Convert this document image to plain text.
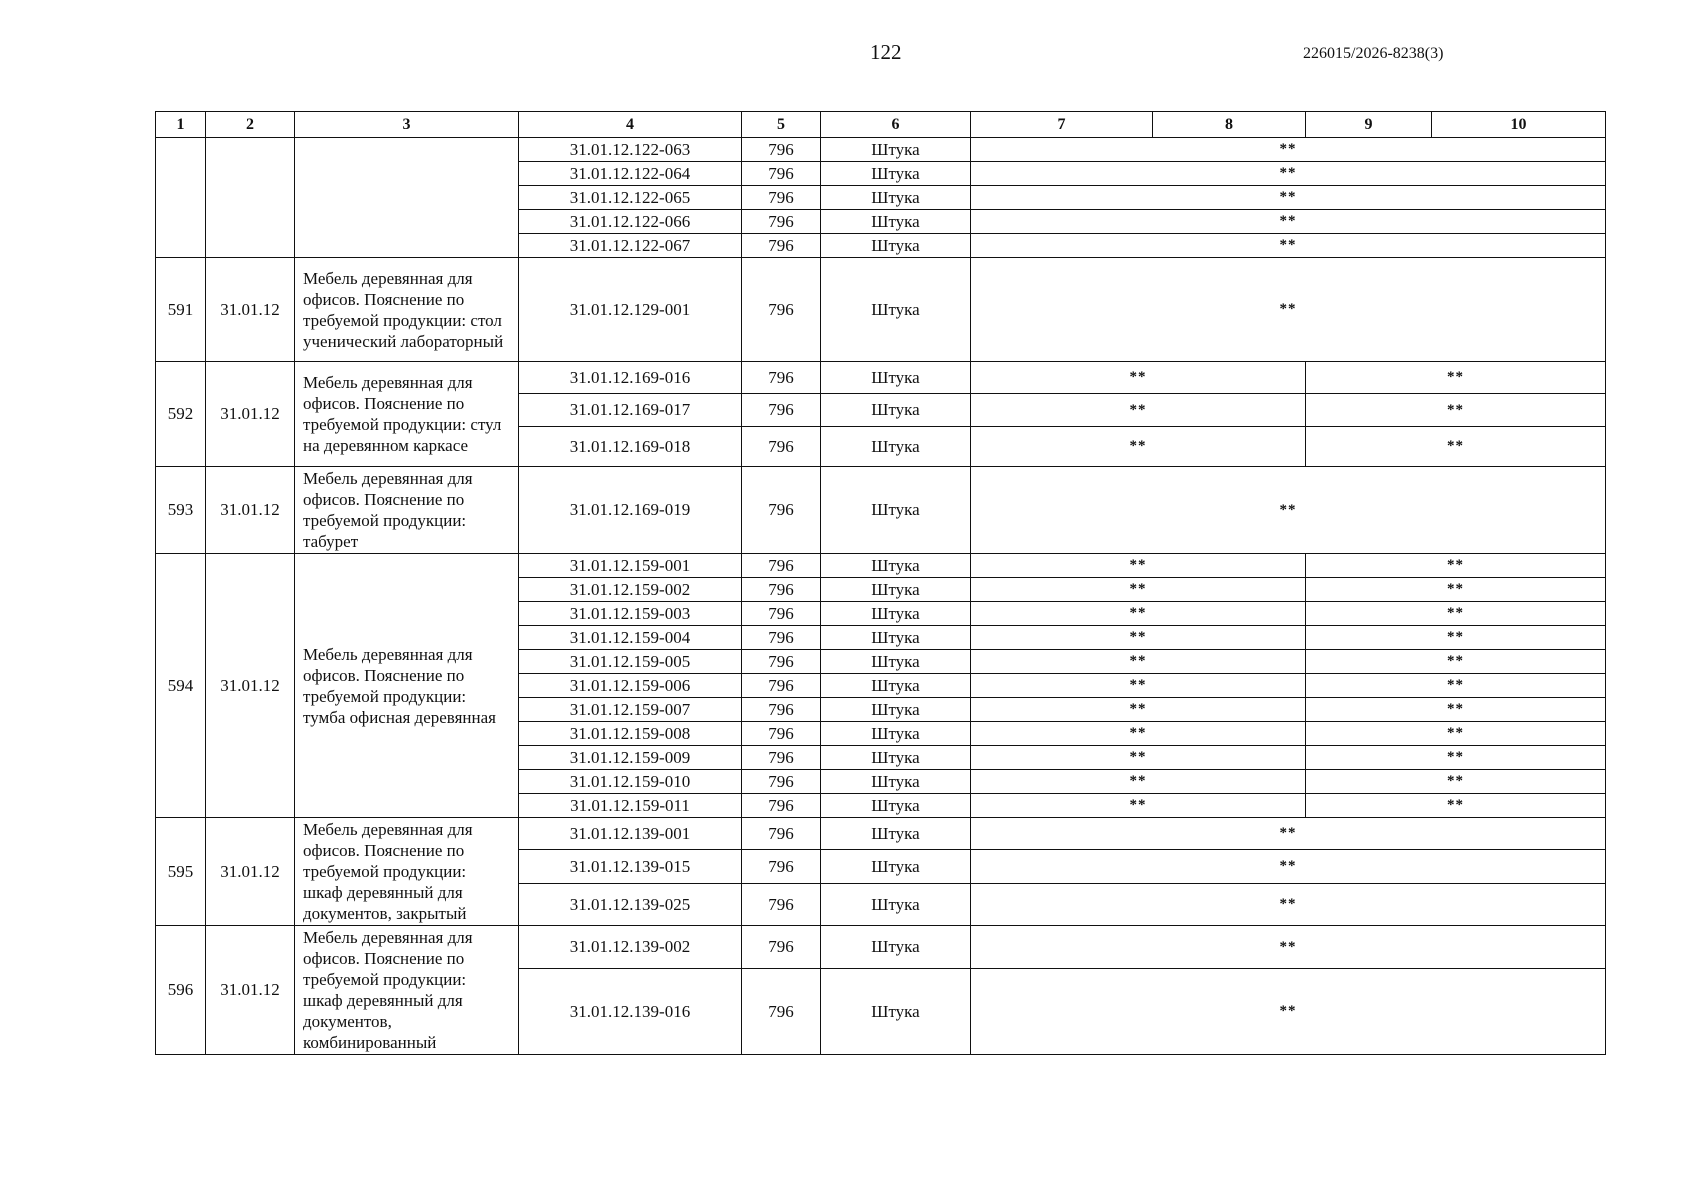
122	226015/2026-8238(3)
1	2	3	4	5	6	7	8	9	10
			31.01.12.122-063	796	Штука	**			
			31.01.12.122-064	796	Штука	**			
			31.01.12.122-065	796	Штука	**			
			31.01.12.122-066	796	Штука	**			
			31.01.12.122-067	796	Штука	**			
591	31.01.12	Мебель деревянная для офисов. Пояснение по требуемой продукции: стол ученический лабораторный	31.01.12.129-001	796	Штука	**			
592	31.01.12	Мебель деревянная для офисов. Пояснение по требуемой продукции: стул на деревянном каркасе	31.01.12.169-016	796	Штука	**		**	
			31.01.12.169-017	796	Штука	**		**	
			31.01.12.169-018	796	Штука	**		**	
593	31.01.12	Мебель деревянная для офисов. Пояснение по требуемой продукции: табурет	31.01.12.169-019	796	Штука	**			
594	31.01.12	Мебель деревянная для офисов. Пояснение по требуемой продукции: тумба офисная деревянная	31.01.12.159-001	796	Штука	**		**	
			31.01.12.159-002	796	Штука	**		**	
			31.01.12.159-003	796	Штука	**		**	
			31.01.12.159-004	796	Штука	**		**	
			31.01.12.159-005	796	Штука	**		**	
			31.01.12.159-006	796	Штука	**		**	
			31.01.12.159-007	796	Штука	**		**	
			31.01.12.159-008	796	Штука	**		**	
			31.01.12.159-009	796	Штука	**		**	
			31.01.12.159-010	796	Штука	**		**	
			31.01.12.159-011	796	Штука	**		**	
595	31.01.12	Мебель деревянная для офисов. Пояснение по требуемой продукции: шкаф деревянный для документов, закрытый	31.01.12.139-001	796	Штука	**			
			31.01.12.139-015	796	Штука	**			
			31.01.12.139-025	796	Штука	**			
596	31.01.12	Мебель деревянная для офисов. Пояснение по требуемой продукции: шкаф деревянный для документов, комбинированный	31.01.12.139-002	796	Штука	**			
			31.01.12.139-016	796	Штука	**			
